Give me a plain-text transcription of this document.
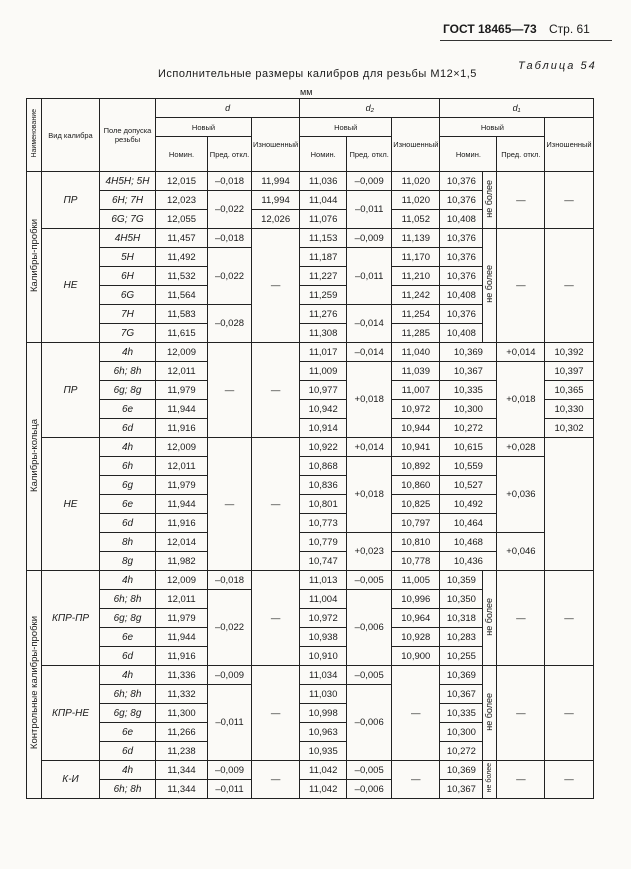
ГОСТ 18465—73 Стр. 61
Таблица 54
Исполнительные размеры калибров для резьбы М12×1,5
мм
Наименование	Вид калибра	Поле допуска резьбы	d			d₂			d₁			
			Новый		Изношенный	Новый		Изношенный	Новый			Изношенный
			Номин.	Пред. откл.		Номин.	Пред. откл.		Номин.		Пред. откл.	
Калибры-пробки	ПР	4H5H; 5H	12,015	–0,018	11,994	11,036	–0,009	11,020	10,376	не более	—	—
		6H; 7H	12,023	–0,022	11,994	11,044	–0,011	11,020	10,376			
		6G; 7G	12,055		12,026	11,076		11,052	10,408			
	НЕ	4H5H	11,457	–0,018	—	11,153	–0,009	11,139	10,376	не более	—	—
		5H	11,492	–0,022		11,187	–0,011	11,170	10,376			
		6H	11,532			11,227		11,210	10,376			
		6G	11,564			11,259		11,242	10,408			
		7H	11,583	–0,028		11,276	–0,014	11,254	10,376			
		7G	11,615			11,308		11,285	10,408			
Калибры-кольца	ПР	4h	12,009	—	—	11,017	–0,014	11,040	10,369		+0,014	10,392
		6h; 8h	12,011			11,009	+0,018	11,039	10,367		+0,018	10,397
		6g; 8g	11,979			10,977		11,007	10,335			10,365
		6e	11,944			10,942		10,972	10,300			10,330
		6d	11,916			10,914		10,944	10,272			10,302
	НЕ	4h	12,009	—	—	10,922	+0,014	10,941	10,615		+0,028	
		6h	12,011			10,868	+0,018	10,892	10,559		+0,036	
		6g	11,979			10,836		10,860	10,527			
		6e	11,944			10,801		10,825	10,492			
		6d	11,916			10,773		10,797	10,464			
		8h	12,014			10,779	+0,023	10,810	10,468		+0,046	
		8g	11,982			10,747		10,778	10,436			
Контрольные калибры-пробки	КПР-ПР	4h	12,009	–0,018	—	11,013	–0,005	11,005	10,359	не более	—	—
		6h; 8h	12,011	–0,022		11,004	–0,006	10,996	10,350			
		6g; 8g	11,979			10,972		10,964	10,318			
		6e	11,944			10,938		10,928	10,283			
		6d	11,916			10,910		10,900	10,255			
	КПР-НЕ	4h	11,336	–0,009	—	11,034	–0,005	—	10,369	не более	—	—
		6h; 8h	11,332	–0,011		11,030	–0,006		10,367			
		6g; 8g	11,300			10,998			10,335			
		6e	11,266			10,963			10,300			
		6d	11,238			10,935			10,272			
	К-И	4h	11,344	–0,009	—	11,042	–0,005	—	10,369	не более	—	—
		6h; 8h	11,344	–0,011		11,042	–0,006		10,367			
